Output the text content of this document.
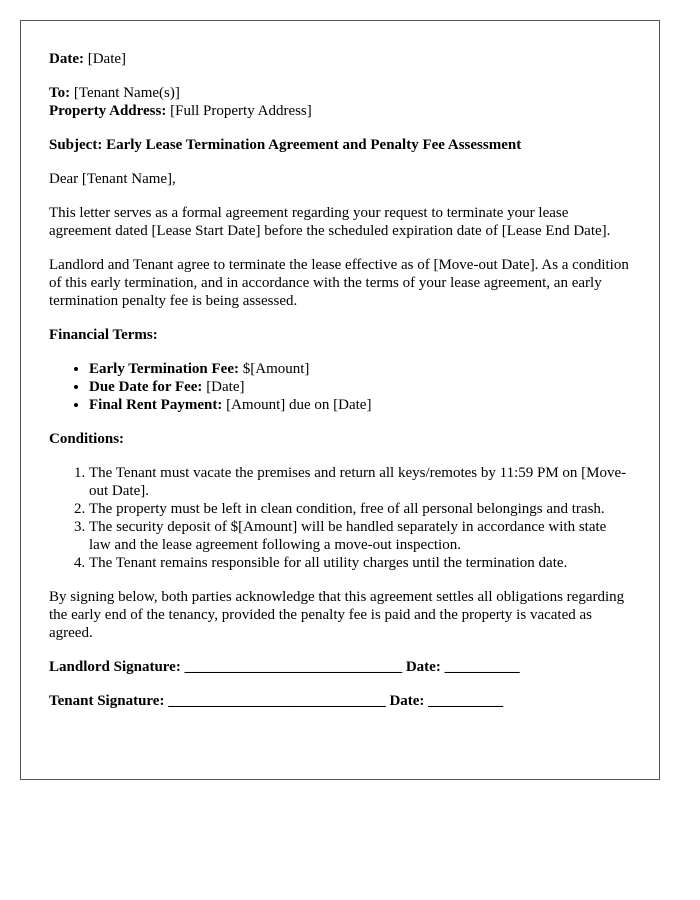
Date: [Date]

To: [Tenant Name(s)]

Property Address: [Full Property Address]

Subject: Early Lease Termination Agreement and Penalty Fee Assessment

Dear [Tenant Name],

This letter serves as a formal agreement regarding your request to terminate your lease agreement dated [Lease Start Date] before the scheduled expiration date of [Lease End Date].

Landlord and Tenant agree to terminate the lease effective as of [Move-out Date]. As a condition of this early termination, and in accordance with the terms of your lease agreement, an early termination penalty fee is being assessed.

Financial Terms:

• Early Termination Fee: $[Amount]
• Due Date for Fee: [Date]
• Final Rent Payment: [Amount] due on [Date]

Conditions:

1. The Tenant must vacate the premises and return all keys/remotes by 11:59 PM on [Move-out Date].
2. The property must be left in clean condition, free of all personal belongings and trash.
3. The security deposit of $[Amount] will be handled separately in accordance with state law and the lease agreement following a move-out inspection.
4. The Tenant remains responsible for all utility charges until the termination date.

By signing below, both parties acknowledge that this agreement settles all obligations regarding the early end of the tenancy, provided the penalty fee is paid and the property is vacated as agreed.

Landlord Signature: _____________________________ Date: __________

Tenant Signature: _____________________________ Date: __________
